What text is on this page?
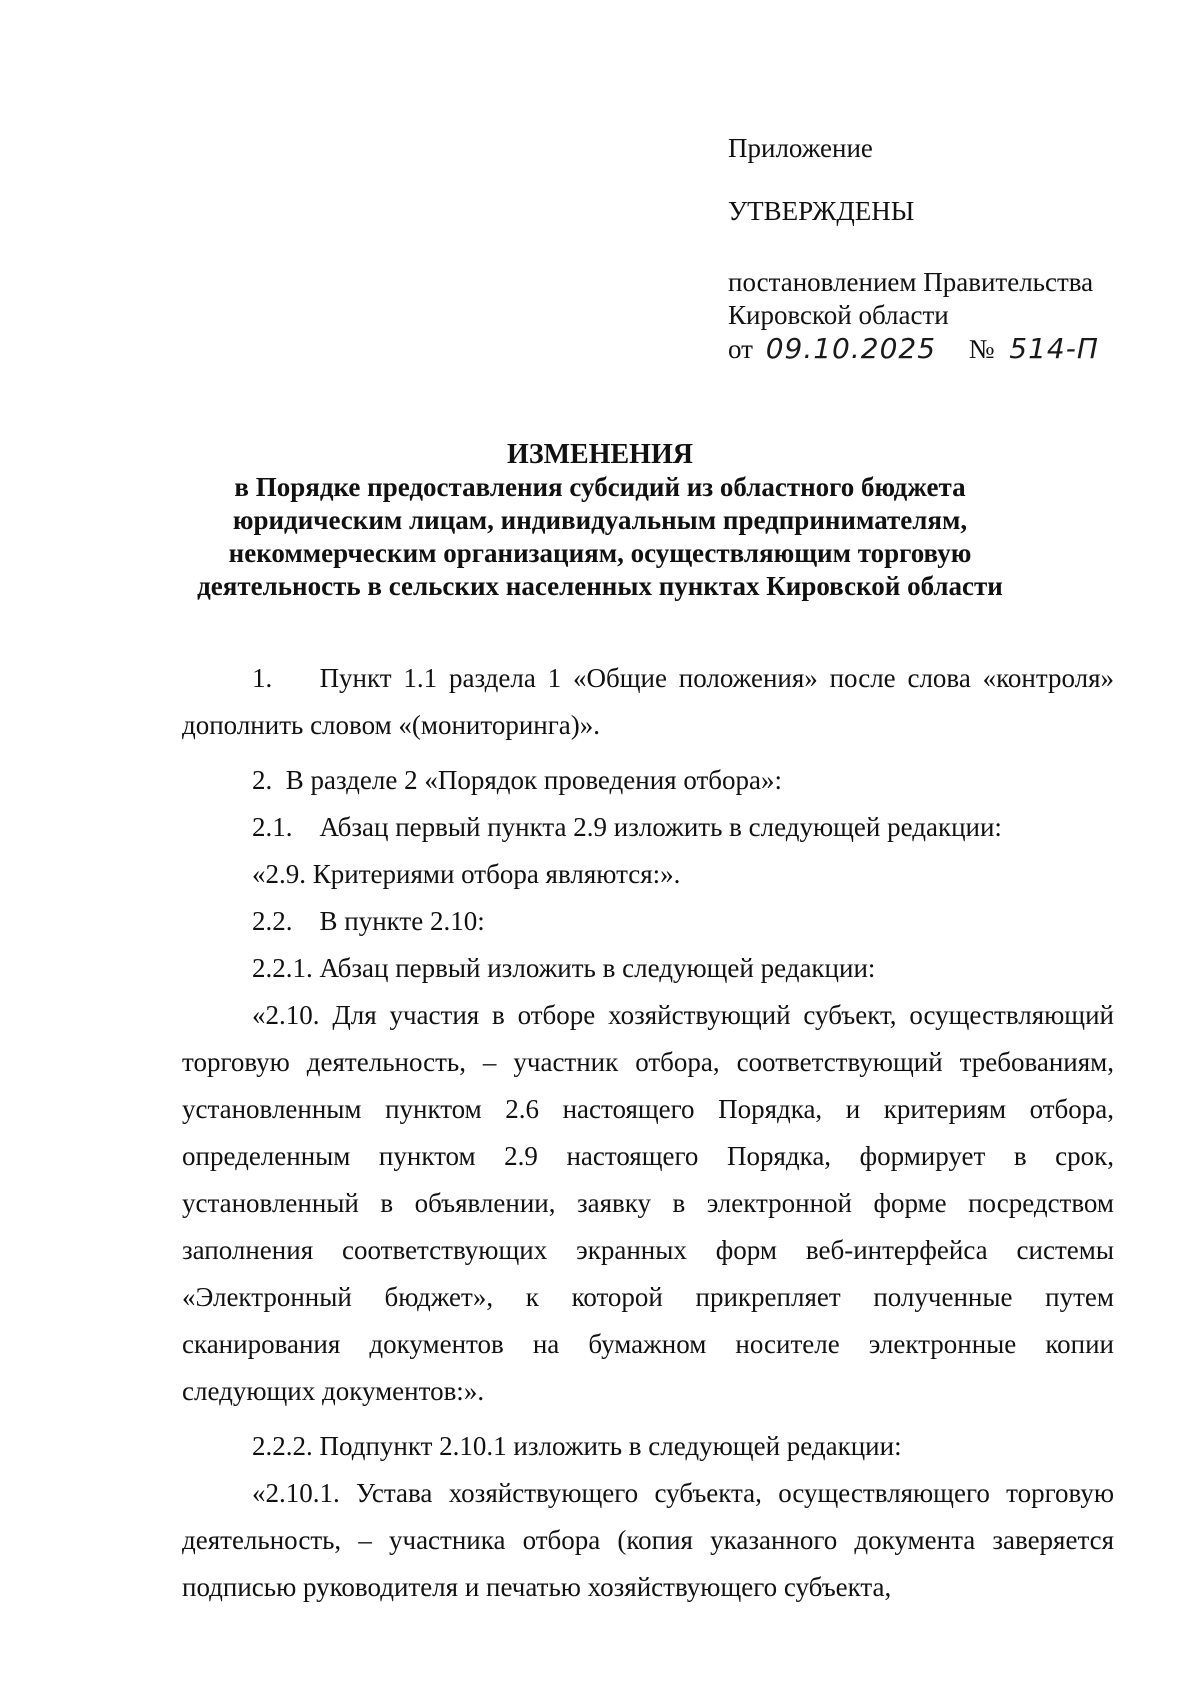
Приложение
УТВЕРЖДЕНЫ
постановлением Правительства
Кировской области
от 09.10.2025 № 514-П
ИЗМЕНЕНИЯ
в Порядке предоставления субсидий из областного бюджета
юридическим лицам, индивидуальным предпринимателям,
некоммерческим организациям, осуществляющим торговую
деятельность в сельских населенных пунктах Кировской области

1.    Пункт 1.1 раздела 1 «Общие положения» после слова «контроля» дополнить словом «(мониторинга)».

2.  В разделе 2 «Порядок проведения отбора»:

2.1.    Абзац первый пункта 2.9 изложить в следующей редакции:

«2.9. Критериями отбора являются:».

2.2.    В пункте 2.10:

2.2.1. Абзац первый изложить в следующей редакции:

«2.10. Для участия в отборе хозяйствующий субъект, осуществляющий торговую деятельность, – участник отбора, соответствующий требованиям, установленным пунктом 2.6 настоящего Порядка, и критериям отбора, определенным пунктом 2.9 настоящего Порядка, формирует в срок, установленный в объявлении, заявку в электронной форме посредством заполнения соответствующих экранных форм веб-интерфейса системы «Электронный бюджет», к которой прикрепляет полученные путем сканирования документов на бумажном носителе электронные копии следующих документов:».

2.2.2. Подпункт 2.10.1 изложить в следующей редакции:

«2.10.1. Устава хозяйствующего субъекта, осуществляющего торговую деятельность, – участника отбора (копия указанного документа заверяется подписью руководителя и печатью хозяйствующего субъекта,
